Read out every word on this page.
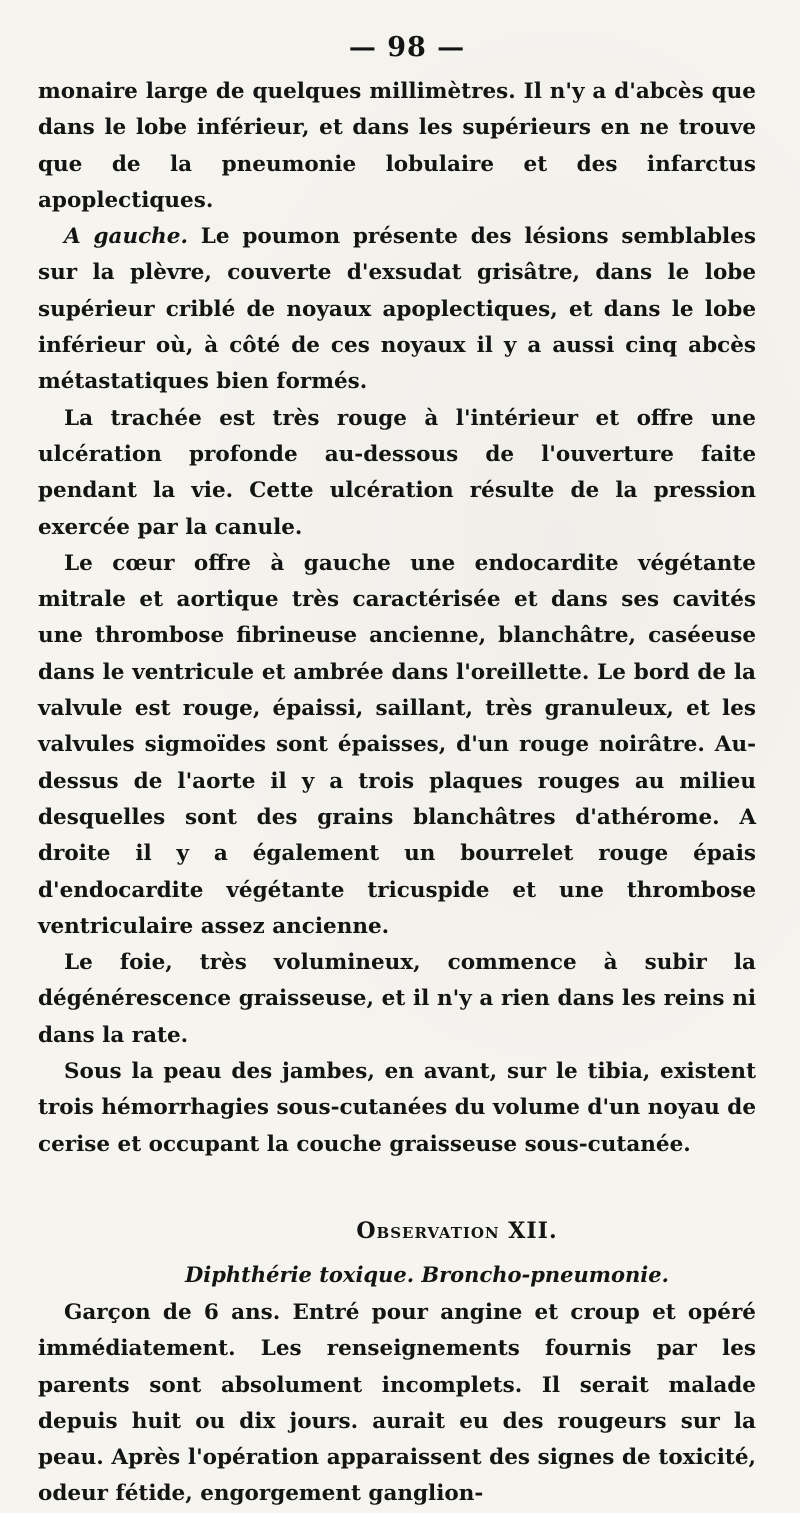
— 98 —

monaire large de quelques millimètres. Il n'y a d'abcès que dans le lobe inférieur, et dans les supérieurs en ne trouve que de la pneumonie lobulaire et des infarctus apoplectiques.

A gauche. Le poumon présente des lésions semblables sur la plèvre, couverte d'exsudat grisâtre, dans le lobe supérieur criblé de noyaux apoplectiques, et dans le lobe inférieur où, à côté de ces noyaux il y a aussi cinq abcès métastatiques bien formés.

La trachée est très rouge à l'intérieur et offre une ulcération profonde au-dessous de l'ouverture faite pendant la vie. Cette ulcération résulte de la pression exercée par la canule.

Le cœur offre à gauche une endocardite végétante mitrale et aortique très caractérisée et dans ses cavités une thrombose fibrineuse ancienne, blanchâtre, caséeuse dans le ventricule et ambrée dans l'oreillette. Le bord de la valvule est rouge, épaissi, saillant, très granuleux, et les valvules sigmoïdes sont épaisses, d'un rouge noirâtre. Au-dessus de l'aorte il y a trois plaques rouges au milieu desquelles sont des grains blanchâtres d'athérome. A droite il y a également un bourrelet rouge épais d'endocardite végétante tricuspide et une thrombose ventriculaire assez ancienne.

Le foie, très volumineux, commence à subir la dégénérescence graisseuse, et il n'y a rien dans les reins ni dans la rate.

Sous la peau des jambes, en avant, sur le tibia, existent trois hémorrhagies sous-cutanées du volume d'un noyau de cerise et occupant la couche graisseuse sous-cutanée.

Observation XII.
Diphthérie toxique. Broncho-pneumonie.

Garçon de 6 ans. Entré pour angine et croup et opéré immédiatement. Les renseignements fournis par les parents sont absolument incomplets. Il serait malade depuis huit ou dix jours. aurait eu des rougeurs sur la peau. Après l'opération apparaissent des signes de toxicité, odeur fétide, engorgement ganglion-
